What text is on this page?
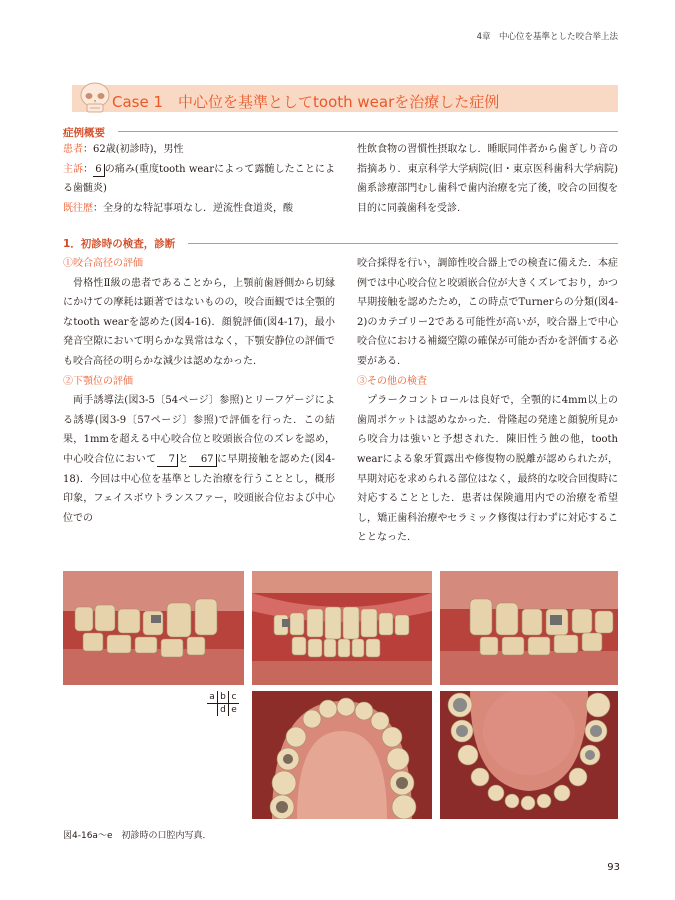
4章　中心位を基準とした咬合挙上法
Case 1　中心位を基準としてtooth wearを治療した症例
症例概要

患者：62歳(初診時)，男性

主訴： 6 の痛み(重度tooth wearによって露髄したことによる歯髄炎)

既往歴：全身的な特記事項なし．逆流性食道炎，酸

性飲食物の習慣性摂取なし．睡眠同伴者から歯ぎしり音の指摘あり．東京科学大学病院(旧・東京医科歯科大学病院)歯系診療部門むし歯科で歯内治療を完了後，咬合の回復を目的に同義歯科を受診．

1．初診時の検査，診断

①咬合高径の評価

骨格性Ⅱ級の患者であることから，上顎前歯唇側から切縁にかけての摩耗は顕著ではないものの，咬合面観では全顎的なtooth wearを認めた(図4-16)．顔貌評価(図4-17)，最小発音空隙において明らかな異常はなく，下顎安静位の評価でも咬合高径の明らかな減少は認めなかった．

②下顎位の評価

両手誘導法(図3-5〔54ページ〕参照)とリーフゲージによる誘導(図3-9〔57ページ〕参照)で評価を行った．この結果，1mmを超える中心咬合位と咬頭嵌合位のズレを認め，中心咬合位において 7 と 67 に早期接触を認めた(図4-18)．今回は中心位を基準とした治療を行うこととし，概形印象，フェイスボウトランスファー，咬頭嵌合位および中心位での

咬合採得を行い，調節性咬合器上での検査に備えた．本症例では中心咬合位と咬頭嵌合位が大きくズレており，かつ早期接触を認めたため，この時点でTurnerらの分類(図4-2)のカテゴリー2である可能性が高いが，咬合器上で中心咬合位における補綴空隙の確保が可能か否かを評価する必要がある．

③その他の検査

プラークコントロールは良好で，全顎的に4mm以上の歯周ポケットは認めなかった．骨隆起の発達と顔貌所見から咬合力は強いと予想された．陳旧性う蝕の他，tooth wearによる象牙質露出や修復物の脱離が認められたが，早期対応を求められる部位はなく，最終的な咬合回復時に対応することとした．患者は保険適用内での治療を希望し，矯正歯科治療やセラミック修復は行わずに対応することとなった．

a	b	c
	d	e
図4-16a〜e　初診時の口腔内写真．
93
